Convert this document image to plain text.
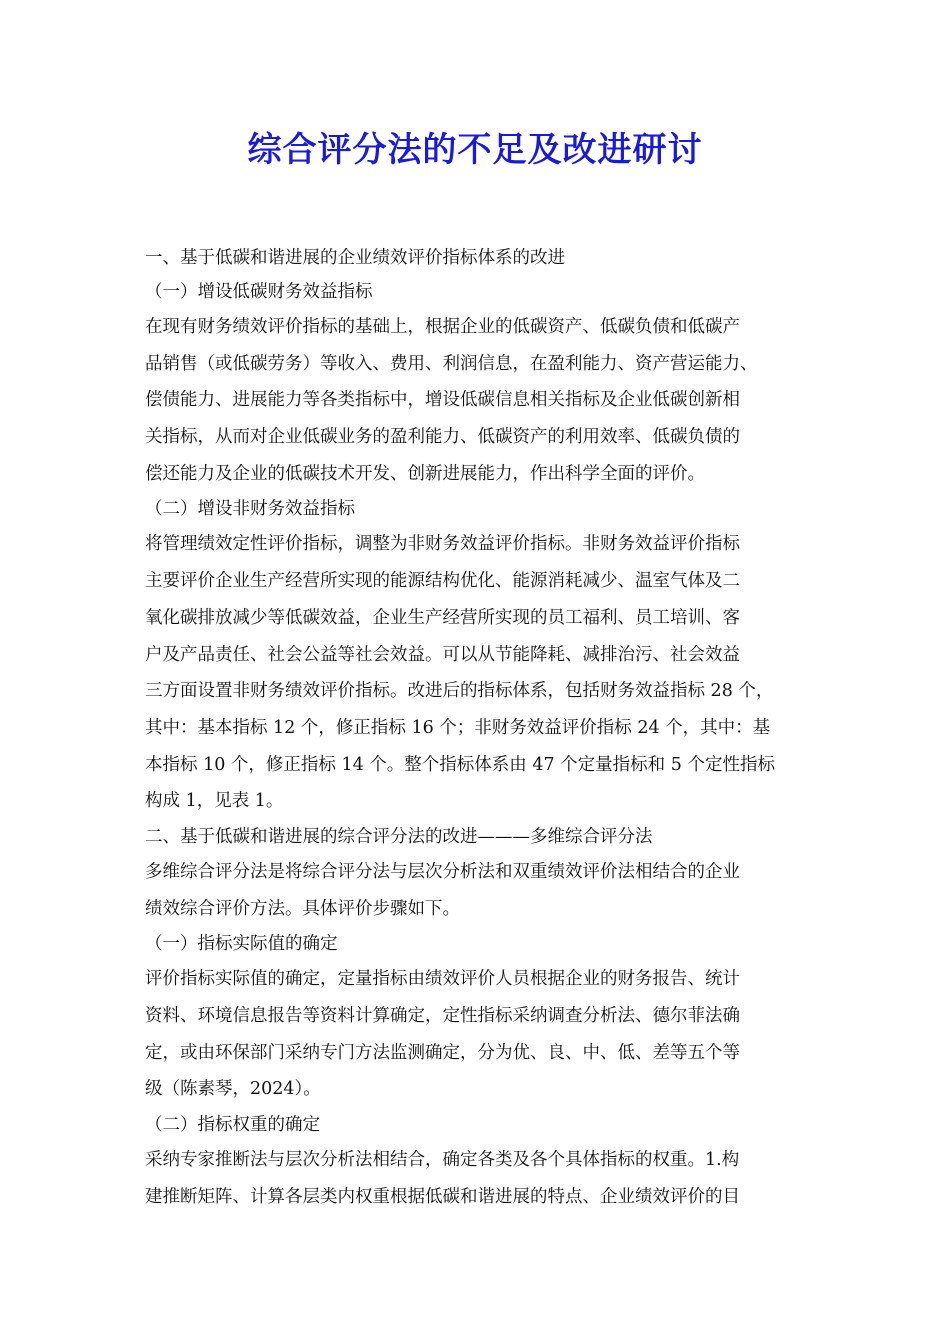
综合评分法的不足及改进研讨
一、基于低碳和谐进展的企业绩效评价指标体系的改进
（一）增设低碳财务效益指标
在现有财务绩效评价指标的基础上，根据企业的低碳资产、低碳负债和低碳产
品销售（或低碳劳务）等收入、费用、利润信息，在盈利能力、资产营运能力、
偿债能力、进展能力等各类指标中，增设低碳信息相关指标及企业低碳创新相
关指标，从而对企业低碳业务的盈利能力、低碳资产的利用效率、低碳负债的
偿还能力及企业的低碳技术开发、创新进展能力，作出科学全面的评价。
（二）增设非财务效益指标
将管理绩效定性评价指标，调整为非财务效益评价指标。非财务效益评价指标
主要评价企业生产经营所实现的能源结构优化、能源消耗减少、温室气体及二
氧化碳排放减少等低碳效益，企业生产经营所实现的员工福利、员工培训、客
户及产品责任、社会公益等社会效益。可以从节能降耗、减排治污、社会效益
三方面设置非财务绩效评价指标。改进后的指标体系，包括财务效益指标 28 个，
其中：基本指标 12 个，修正指标 16 个；非财务效益评价指标 24 个，其中：基
本指标 10 个，修正指标 14 个。整个指标体系由 47 个定量指标和 5 个定性指标
构成 1，见表 1。
二、基于低碳和谐进展的综合评分法的改进———多维综合评分法
多维综合评分法是将综合评分法与层次分析法和双重绩效评价法相结合的企业
绩效综合评价方法。具体评价步骤如下。
（一）指标实际值的确定
评价指标实际值的确定，定量指标由绩效评价人员根据企业的财务报告、统计
资料、环境信息报告等资料计算确定，定性指标采纳调查分析法、德尔菲法确
定，或由环保部门采纳专门方法监测确定，分为优、良、中、低、差等五个等
级（陈素琴，2024）。
（二）指标权重的确定
采纳专家推断法与层次分析法相结合，确定各类及各个具体指标的权重。1.构
建推断矩阵、计算各层类内权重根据低碳和谐进展的特点、企业绩效评价的目
